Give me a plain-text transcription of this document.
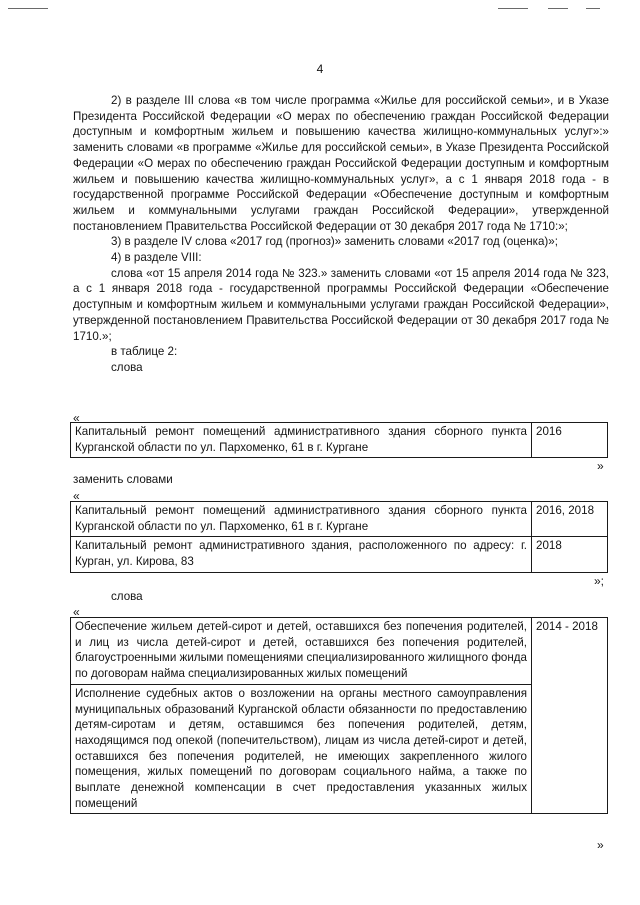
4

2) в разделе III слова «в том числе программа «Жилье для российской семьи», и в Указе Президента Российской Федерации «О мерах по обеспечению граждан Российской Федерации доступным и комфортным жильем и повышению качества жилищно-коммунальных услуг»:» заменить словами «в программе «Жилье для российской семьи», в Указе Президента Российской Федерации «О мерах по обеспечению граждан Российской Федерации доступным и комфортным жильем и повышению качества жилищно-коммунальных услуг», а с 1 января 2018 года - в государственной программе Российской Федерации «Обеспечение доступным и комфортным жильем и коммунальными услугами граждан Российской Федерации», утвержденной постановлением Правительства Российской Федерации от 30 декабря 2017 года № 1710:»;

3) в разделе IV слова «2017 год (прогноз)» заменить словами «2017 год (оценка)»;

4) в разделе VIII:

слова «от 15 апреля 2014 года № 323.» заменить словами «от 15 апреля 2014 года № 323, а с 1 января 2018 года - государственной программы Российской Федерации «Обеспечение доступным и комфортным жильем и коммунальными услугами граждан Российской Федерации», утвержденной постановлением Правительства Российской Федерации от 30 декабря 2017 года № 1710.»;

в таблице 2:

слова

«
Капитальный ремонт помещений административного здания сборного пункта Курганской области по ул. Пархоменко, 61 в г. Кургане	2016
»
заменить словами
«
Капитальный ремонт помещений административного здания сборного пункта Курганской области по ул. Пархоменко, 61 в г. Кургане	2016, 2018
Капитальный ремонт административного здания, расположенного по адресу: г. Курган, ул. Кирова, 83	2018
»;
слова
«
Обеспечение жильем детей-сирот и детей, оставшихся без попечения родителей, и лиц из числа детей-сирот и детей, оставшихся без попечения родителей, благоустроенными жилыми помещениями специализированного жилищного фонда по договорам найма специализированных жилых помещений	2014 - 2018
Исполнение судебных актов о возложении на органы местного самоуправления муниципальных образований Курганской области обязанности по предоставлению детям-сиротам и детям, оставшимся без попечения родителей, детям, находящимся под опекой (попечительством), лицам из числа детей-сирот и детей, оставшихся без попечения родителей, не имеющих закрепленного жилого помещения, жилых помещений по договорам социального найма, а также по выплате денежной компенсации в счет предоставления указанных жилых помещений
»
